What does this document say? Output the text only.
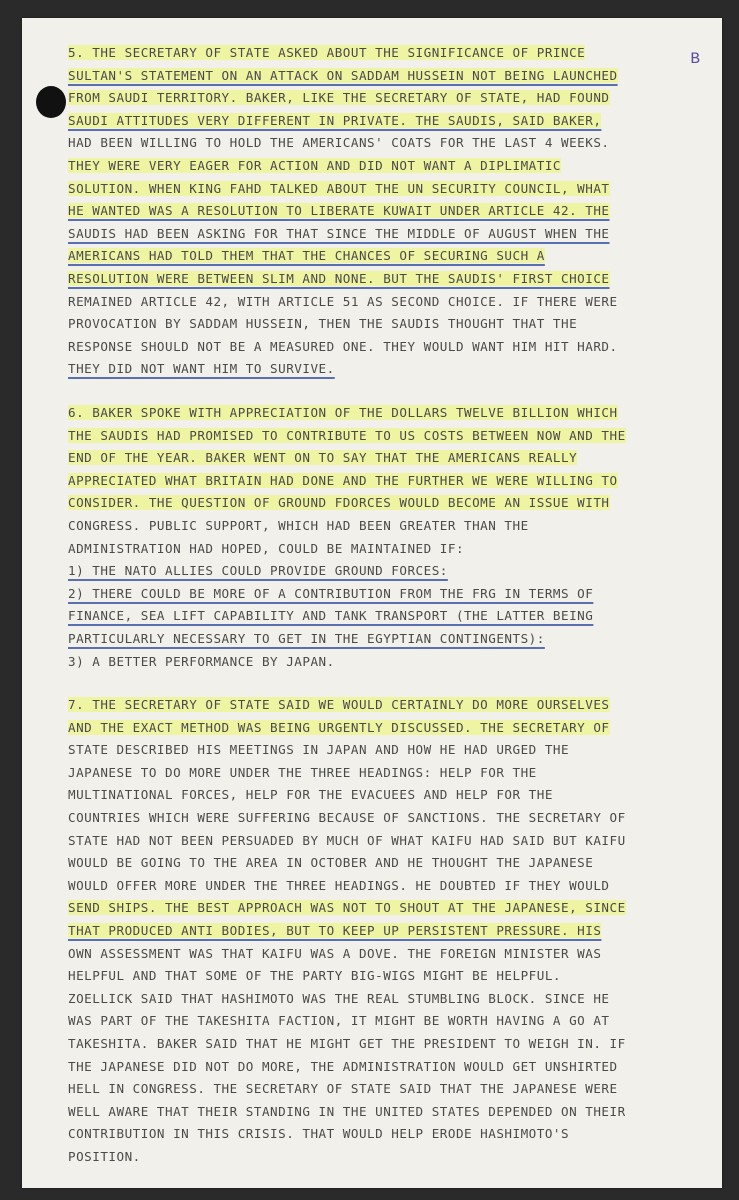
B
5. THE SECRETARY OF STATE ASKED ABOUT THE SIGNIFICANCE OF PRINCE
SULTAN'S STATEMENT ON AN ATTACK ON SADDAM HUSSEIN NOT BEING LAUNCHED
FROM SAUDI TERRITORY. BAKER, LIKE THE SECRETARY OF STATE, HAD FOUND
SAUDI ATTITUDES VERY DIFFERENT IN PRIVATE. THE SAUDIS, SAID BAKER,
HAD BEEN WILLING TO HOLD THE AMERICANS' COATS FOR THE LAST 4 WEEKS.
THEY WERE VERY EAGER FOR ACTION AND DID NOT WANT A DIPLIMATIC
SOLUTION. WHEN KING FAHD TALKED ABOUT THE UN SECURITY COUNCIL, WHAT
HE WANTED WAS A RESOLUTION TO LIBERATE KUWAIT UNDER ARTICLE 42. THE
SAUDIS HAD BEEN ASKING FOR THAT SINCE THE MIDDLE OF AUGUST WHEN THE
AMERICANS HAD TOLD THEM THAT THE CHANCES OF SECURING SUCH A
RESOLUTION WERE BETWEEN SLIM AND NONE. BUT THE SAUDIS' FIRST CHOICE
REMAINED ARTICLE 42, WITH ARTICLE 51 AS SECOND CHOICE. IF THERE WERE
PROVOCATION BY SADDAM HUSSEIN, THEN THE SAUDIS THOUGHT THAT THE
RESPONSE SHOULD NOT BE A MEASURED ONE. THEY WOULD WANT HIM HIT HARD.
THEY DID NOT WANT HIM TO SURVIVE.
6. BAKER SPOKE WITH APPRECIATION OF THE DOLLARS TWELVE BILLION WHICH
THE SAUDIS HAD PROMISED TO CONTRIBUTE TO US COSTS BETWEEN NOW AND THE
END OF THE YEAR. BAKER WENT ON TO SAY THAT THE AMERICANS REALLY
APPRECIATED WHAT BRITAIN HAD DONE AND THE FURTHER WE WERE WILLING TO
CONSIDER. THE QUESTION OF GROUND FDORCES WOULD BECOME AN ISSUE WITH
CONGRESS. PUBLIC SUPPORT, WHICH HAD BEEN GREATER THAN THE
ADMINISTRATION HAD HOPED, COULD BE MAINTAINED IF:
1) THE NATO ALLIES COULD PROVIDE GROUND FORCES:
2) THERE COULD BE MORE OF A CONTRIBUTION FROM THE FRG IN TERMS OF
FINANCE, SEA LIFT CAPABILITY AND TANK TRANSPORT (THE LATTER BEING
PARTICULARLY NECESSARY TO GET IN THE EGYPTIAN CONTINGENTS):
3) A BETTER PERFORMANCE BY JAPAN.
7. THE SECRETARY OF STATE SAID WE WOULD CERTAINLY DO MORE OURSELVES
AND THE EXACT METHOD WAS BEING URGENTLY DISCUSSED. THE SECRETARY OF
STATE DESCRIBED HIS MEETINGS IN JAPAN AND HOW HE HAD URGED THE
JAPANESE TO DO MORE UNDER THE THREE HEADINGS: HELP FOR THE
MULTINATIONAL FORCES, HELP FOR THE EVACUEES AND HELP FOR THE
COUNTRIES WHICH WERE SUFFERING BECAUSE OF SANCTIONS. THE SECRETARY OF
STATE HAD NOT BEEN PERSUADED BY MUCH OF WHAT KAIFU HAD SAID BUT KAIFU
WOULD BE GOING TO THE AREA IN OCTOBER AND HE THOUGHT THE JAPANESE
WOULD OFFER MORE UNDER THE THREE HEADINGS. HE DOUBTED IF THEY WOULD
SEND SHIPS. THE BEST APPROACH WAS NOT TO SHOUT AT THE JAPANESE, SINCE
THAT PRODUCED ANTI BODIES, BUT TO KEEP UP PERSISTENT PRESSURE. HIS
OWN ASSESSMENT WAS THAT KAIFU WAS A DOVE. THE FOREIGN MINISTER WAS
HELPFUL AND THAT SOME OF THE PARTY BIG-WIGS MIGHT BE HELPFUL.
ZOELLICK SAID THAT HASHIMOTO WAS THE REAL STUMBLING BLOCK. SINCE HE
WAS PART OF THE TAKESHITA FACTION, IT MIGHT BE WORTH HAVING A GO AT
TAKESHITA. BAKER SAID THAT HE MIGHT GET THE PRESIDENT TO WEIGH IN. IF
THE JAPANESE DID NOT DO MORE, THE ADMINISTRATION WOULD GET UNSHIRTED
HELL IN CONGRESS. THE SECRETARY OF STATE SAID THAT THE JAPANESE WERE
WELL AWARE THAT THEIR STANDING IN THE UNITED STATES DEPENDED ON THEIR
CONTRIBUTION IN THIS CRISIS. THAT WOULD HELP ERODE HASHIMOTO'S
POSITION.
